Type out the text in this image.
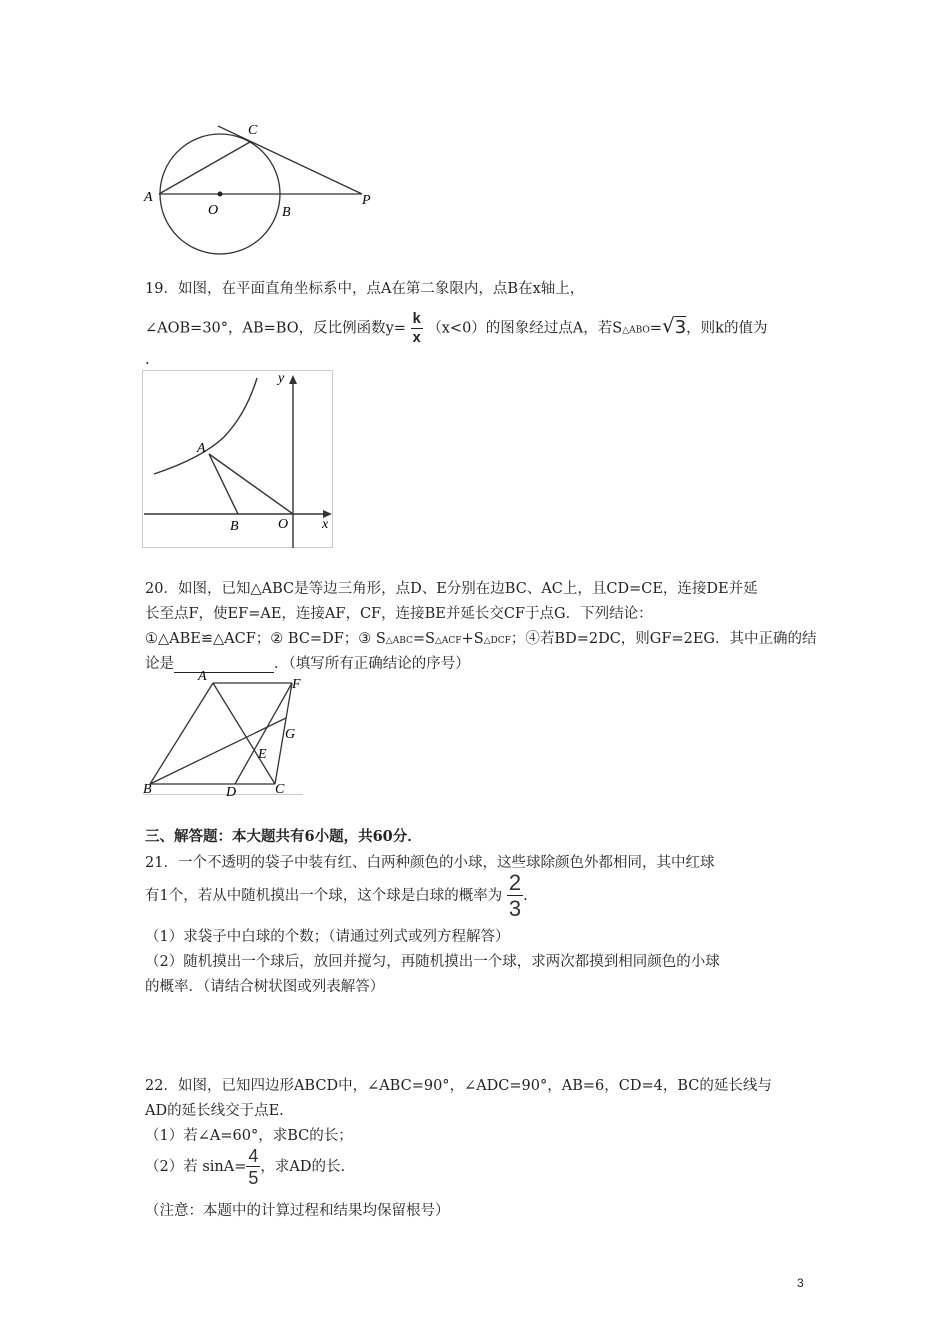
A
C
O	B
P
19．如图，在平面直角坐标系中，点A在第二象限内，点B在x轴上，
∠AOB=30°，AB=BO，反比例函数$y= \frac{k}{x} (x<0)$的图象经过点A，若S△ABO=√3，则k的值为
.
y
A
B	O x
20．如图，已知△ABC是等边三角形，点D、E分别在边BC、AC上，且CD=CE，连接DE并延
长至点F，使EF=AE，连接AF，CF，连接BE并延长交CF于点G．下列结论：
①△ABE≌△ACF；② BC=DF；③ S△ABC=S△ACF+S△DCF；④若BD=2DC，则GF=2EG．其中正确的结
论是	．（填写所有正确结论的序号）
A
F
G
E
B	D	C
三、解答题：本大题共有6小题，共60分．
21．一个不透明的袋子中装有红、白两种颜色的小球，这些球除颜色外都相同，其中红球
有1个，若从中随机摸出一个球，这个球是白球的概率为 $\frac{2}{3}$ .
（1）求袋子中白球的个数；（请通过列式或列方程解答）
（2）随机摸出一个球后，放回并搅匀，再随机摸出一个球，求两次都摸到相同颜色的小球
的概率．（请结合树状图或列表解答）
22．如图，已知四边形ABCD中，∠ABC=90°，∠ADC=90°，AB=6，CD=4，BC的延长线与
AD的延长线交于点E.
（1）若∠A=60°，求BC的长；
（2）若 $\sin A= \frac{4}{5}$ ，求AD的长.
（注意：本题中的计算过程和结果均保留根号）
3
